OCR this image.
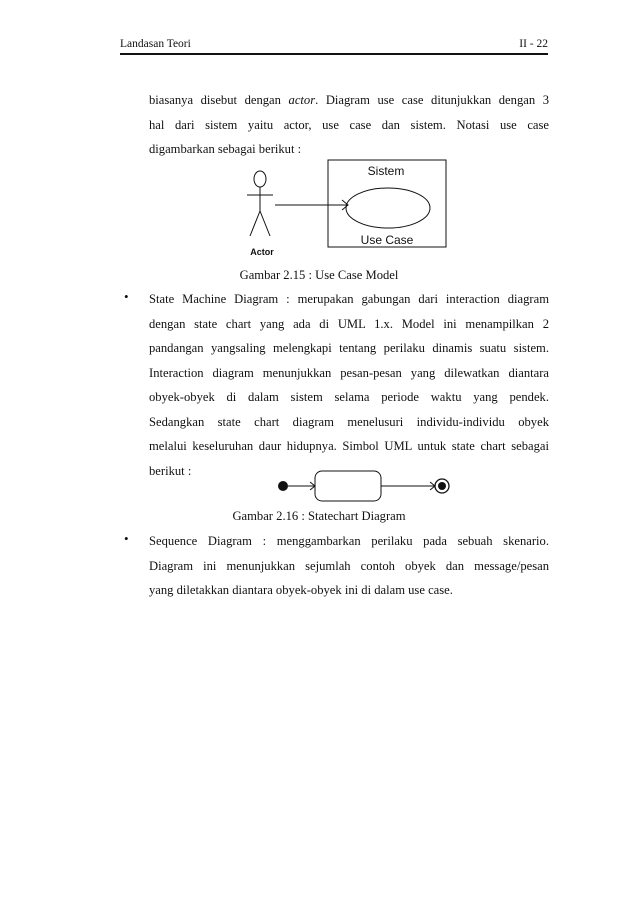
Landasan Teori	II - 22
biasanya disebut dengan actor. Diagram use case ditunjukkan dengan 3
hal dari sistem yaitu actor, use case dan sistem. Notasi use case
digambarkan sebagai berikut :
Actor
Sistem
Use Case
Gambar 2.15 : Use Case Model
• State Machine Diagram : merupakan gabungan dari interaction diagram
dengan state chart yang ada di UML 1.x. Model ini menampilkan 2
pandangan yangsaling melengkapi tentang perilaku dinamis suatu sistem.
Interaction diagram menunjukkan pesan-pesan yang dilewatkan diantara
obyek-obyek di dalam sistem selama periode waktu yang pendek.
Sedangkan state chart diagram menelusuri individu-individu obyek
melalui keseluruhan daur hidupnya. Simbol UML untuk state chart sebagai
berikut :
Gambar 2.16 : Statechart Diagram
• Sequence Diagram : menggambarkan perilaku pada sebuah skenario.
Diagram ini menunjukkan sejumlah contoh obyek dan message/pesan
yang diletakkan diantara obyek-obyek ini di dalam use case.
